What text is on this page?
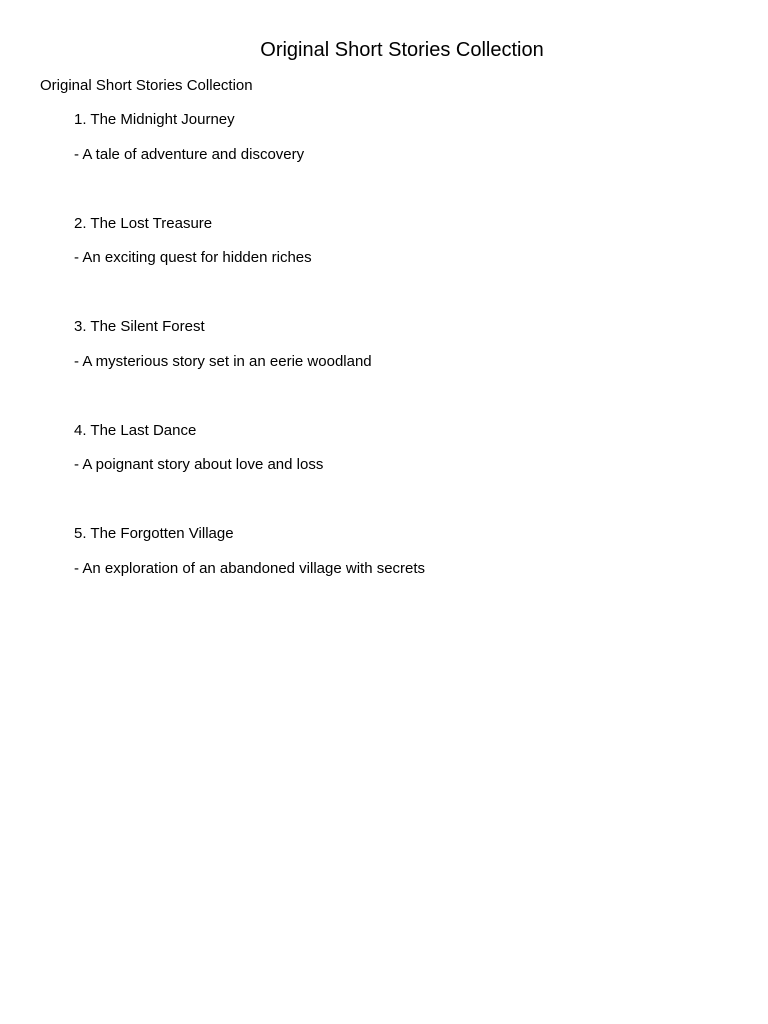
Original Short Stories Collection
Original Short Stories Collection
1. The Midnight Journey
- A tale of adventure and discovery
2. The Lost Treasure
- An exciting quest for hidden riches
3. The Silent Forest
- A mysterious story set in an eerie woodland
4. The Last Dance
- A poignant story about love and loss
5. The Forgotten Village
- An exploration of an abandoned village with secrets
